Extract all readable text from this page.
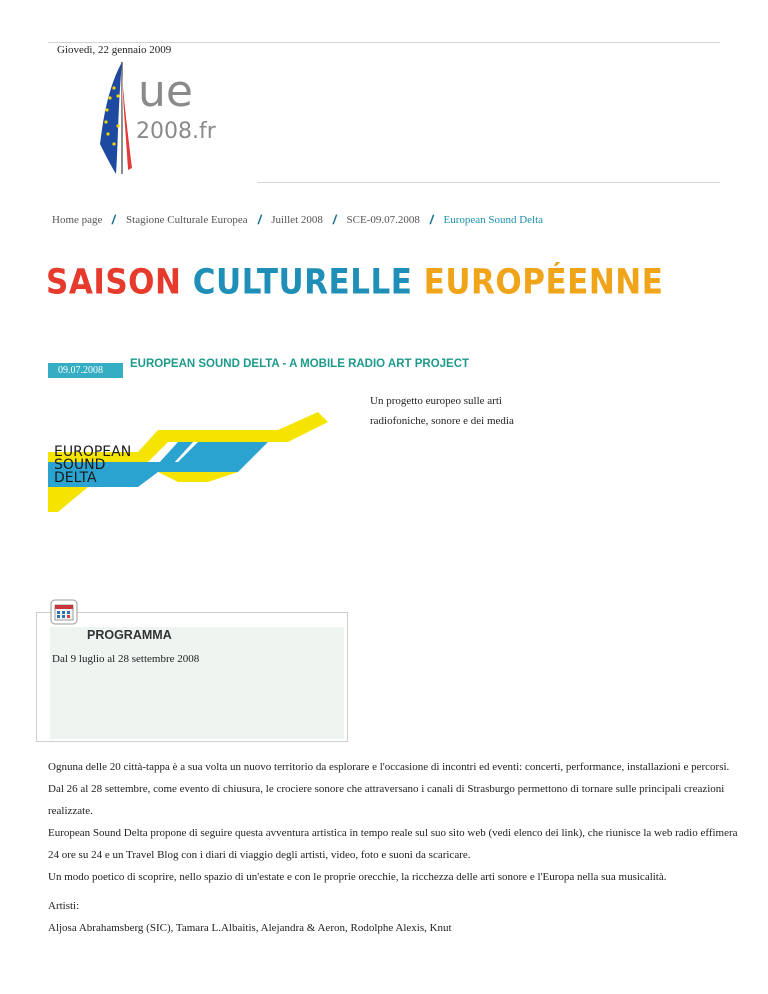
Giovedì, 22 gennaio 2009
ue
2008.fr
Home page / Stagione Culturale Europea / Juillet 2008 / SCE-09.07.2008 / European Sound Delta
SAISON CULTURELLE EUROPÉENNE
09.07.2008
EUROPEAN SOUND DELTA - A MOBILE RADIO ART PROJECT
Un progetto europeo sulle arti radiofoniche, sonore e dei media
EUROPEAN
SOUND
DELTA
PROGRAMMA
Dal 9 luglio al 28 settembre 2008

Ognuna delle 20 città-tappa è a sua volta un nuovo territorio da esplorare e l'occasione di incontri ed eventi: concerti, performance, installazioni e percorsi.

Dal 26 al 28 settembre, come evento di chiusura, le crociere sonore che attraversano i canali di Strasburgo permettono di tornare sulle principali creazioni realizzate.

European Sound Delta propone di seguire questa avventura artistica in tempo reale sul suo sito web (vedi elenco dei link), che riunisce la web radio effimera 24 ore su 24 e un Travel Blog con i diari di viaggio degli artisti, video, foto e suoni da scaricare.

Un modo poetico di scoprire, nello spazio di un'estate e con le proprie orecchie, la ricchezza delle arti sonore e l'Europa nella sua musicalità.

Artisti:
Aljosa Abrahamsberg (SIC), Tamara L.Albaitis, Alejandra & Aeron, Rodolphe Alexis, Knut
